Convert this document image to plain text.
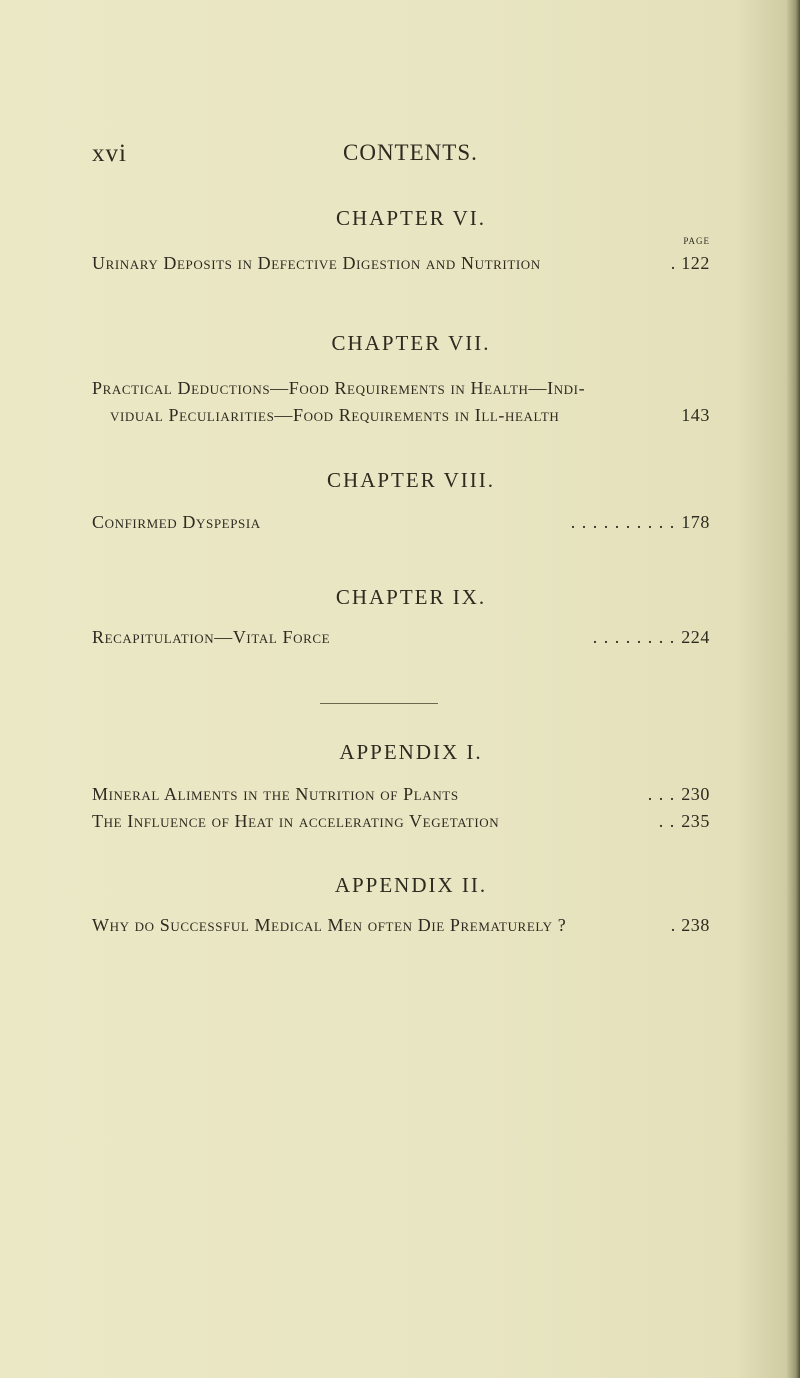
xvi	CONTENTS.
CHAPTER VI.
PAGE
Urinary Deposits in Defective Digestion and Nutrition	. 122
CHAPTER VII.
Practical Deductions—Food Requirements in Health—Indi-
vidual Peculiarities—Food Requirements in Ill-health	143
CHAPTER VIII.
Confirmed Dyspepsia	. . . . . . . . . . 178
CHAPTER IX.
Recapitulation—Vital Force	. . . . . . . . 224
APPENDIX I.
Mineral Aliments in the Nutrition of Plants	. . . 230
The Influence of Heat in accelerating Vegetation	. . 235
APPENDIX II.
Why do Successful Medical Men often Die Prematurely ?	. 238
